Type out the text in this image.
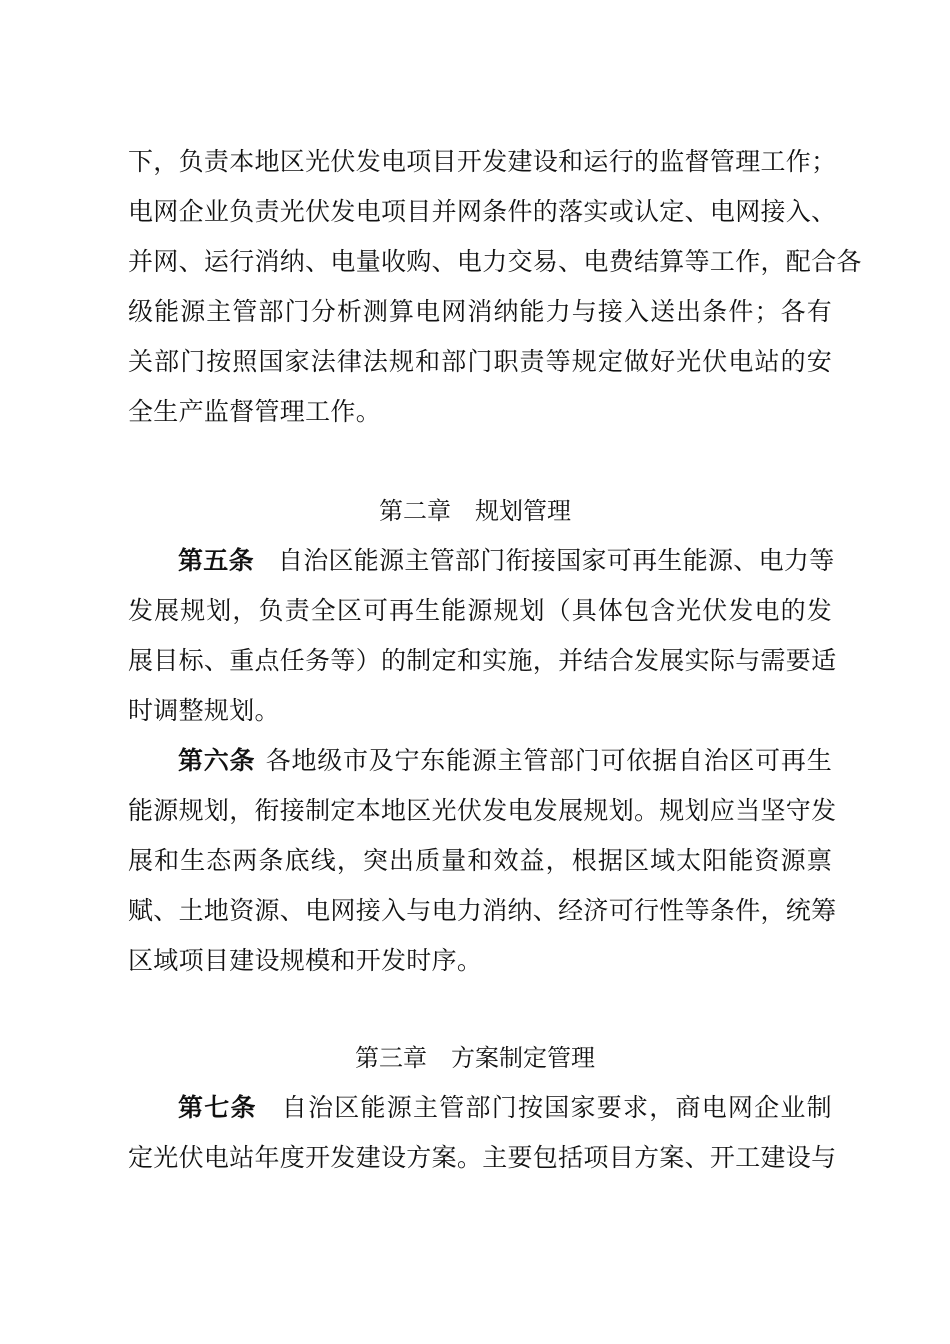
下，负责本地区光伏发电项目开发建设和运行的监督管理工作；
电网企业负责光伏发电项目并网条件的落实或认定、电网接入、
并网、运行消纳、电量收购、电力交易、电费结算等工作，配合各
级能源主管部门分析测算电网消纳能力与接入送出条件；各有
关部门按照国家法律法规和部门职责等规定做好光伏电站的安
全生产监督管理工作。
第二章　规划管理
第五条 自治区能源主管部门衔接国家可再生能源、电力等
发展规划，负责全区可再生能源规划（具体包含光伏发电的发
展目标、重点任务等）的制定和实施，并结合发展实际与需要适
时调整规划。
第六条 各地级市及宁东能源主管部门可依据自治区可再生
能源规划，衔接制定本地区光伏发电发展规划。规划应当坚守发
展和生态两条底线，突出质量和效益，根据区域太阳能资源禀
赋、土地资源、电网接入与电力消纳、经济可行性等条件，统筹
区域项目建设规模和开发时序。
第三章　方案制定管理
第七条 自治区能源主管部门按国家要求，商电网企业制
定光伏电站年度开发建设方案。主要包括项目方案、开工建设与
